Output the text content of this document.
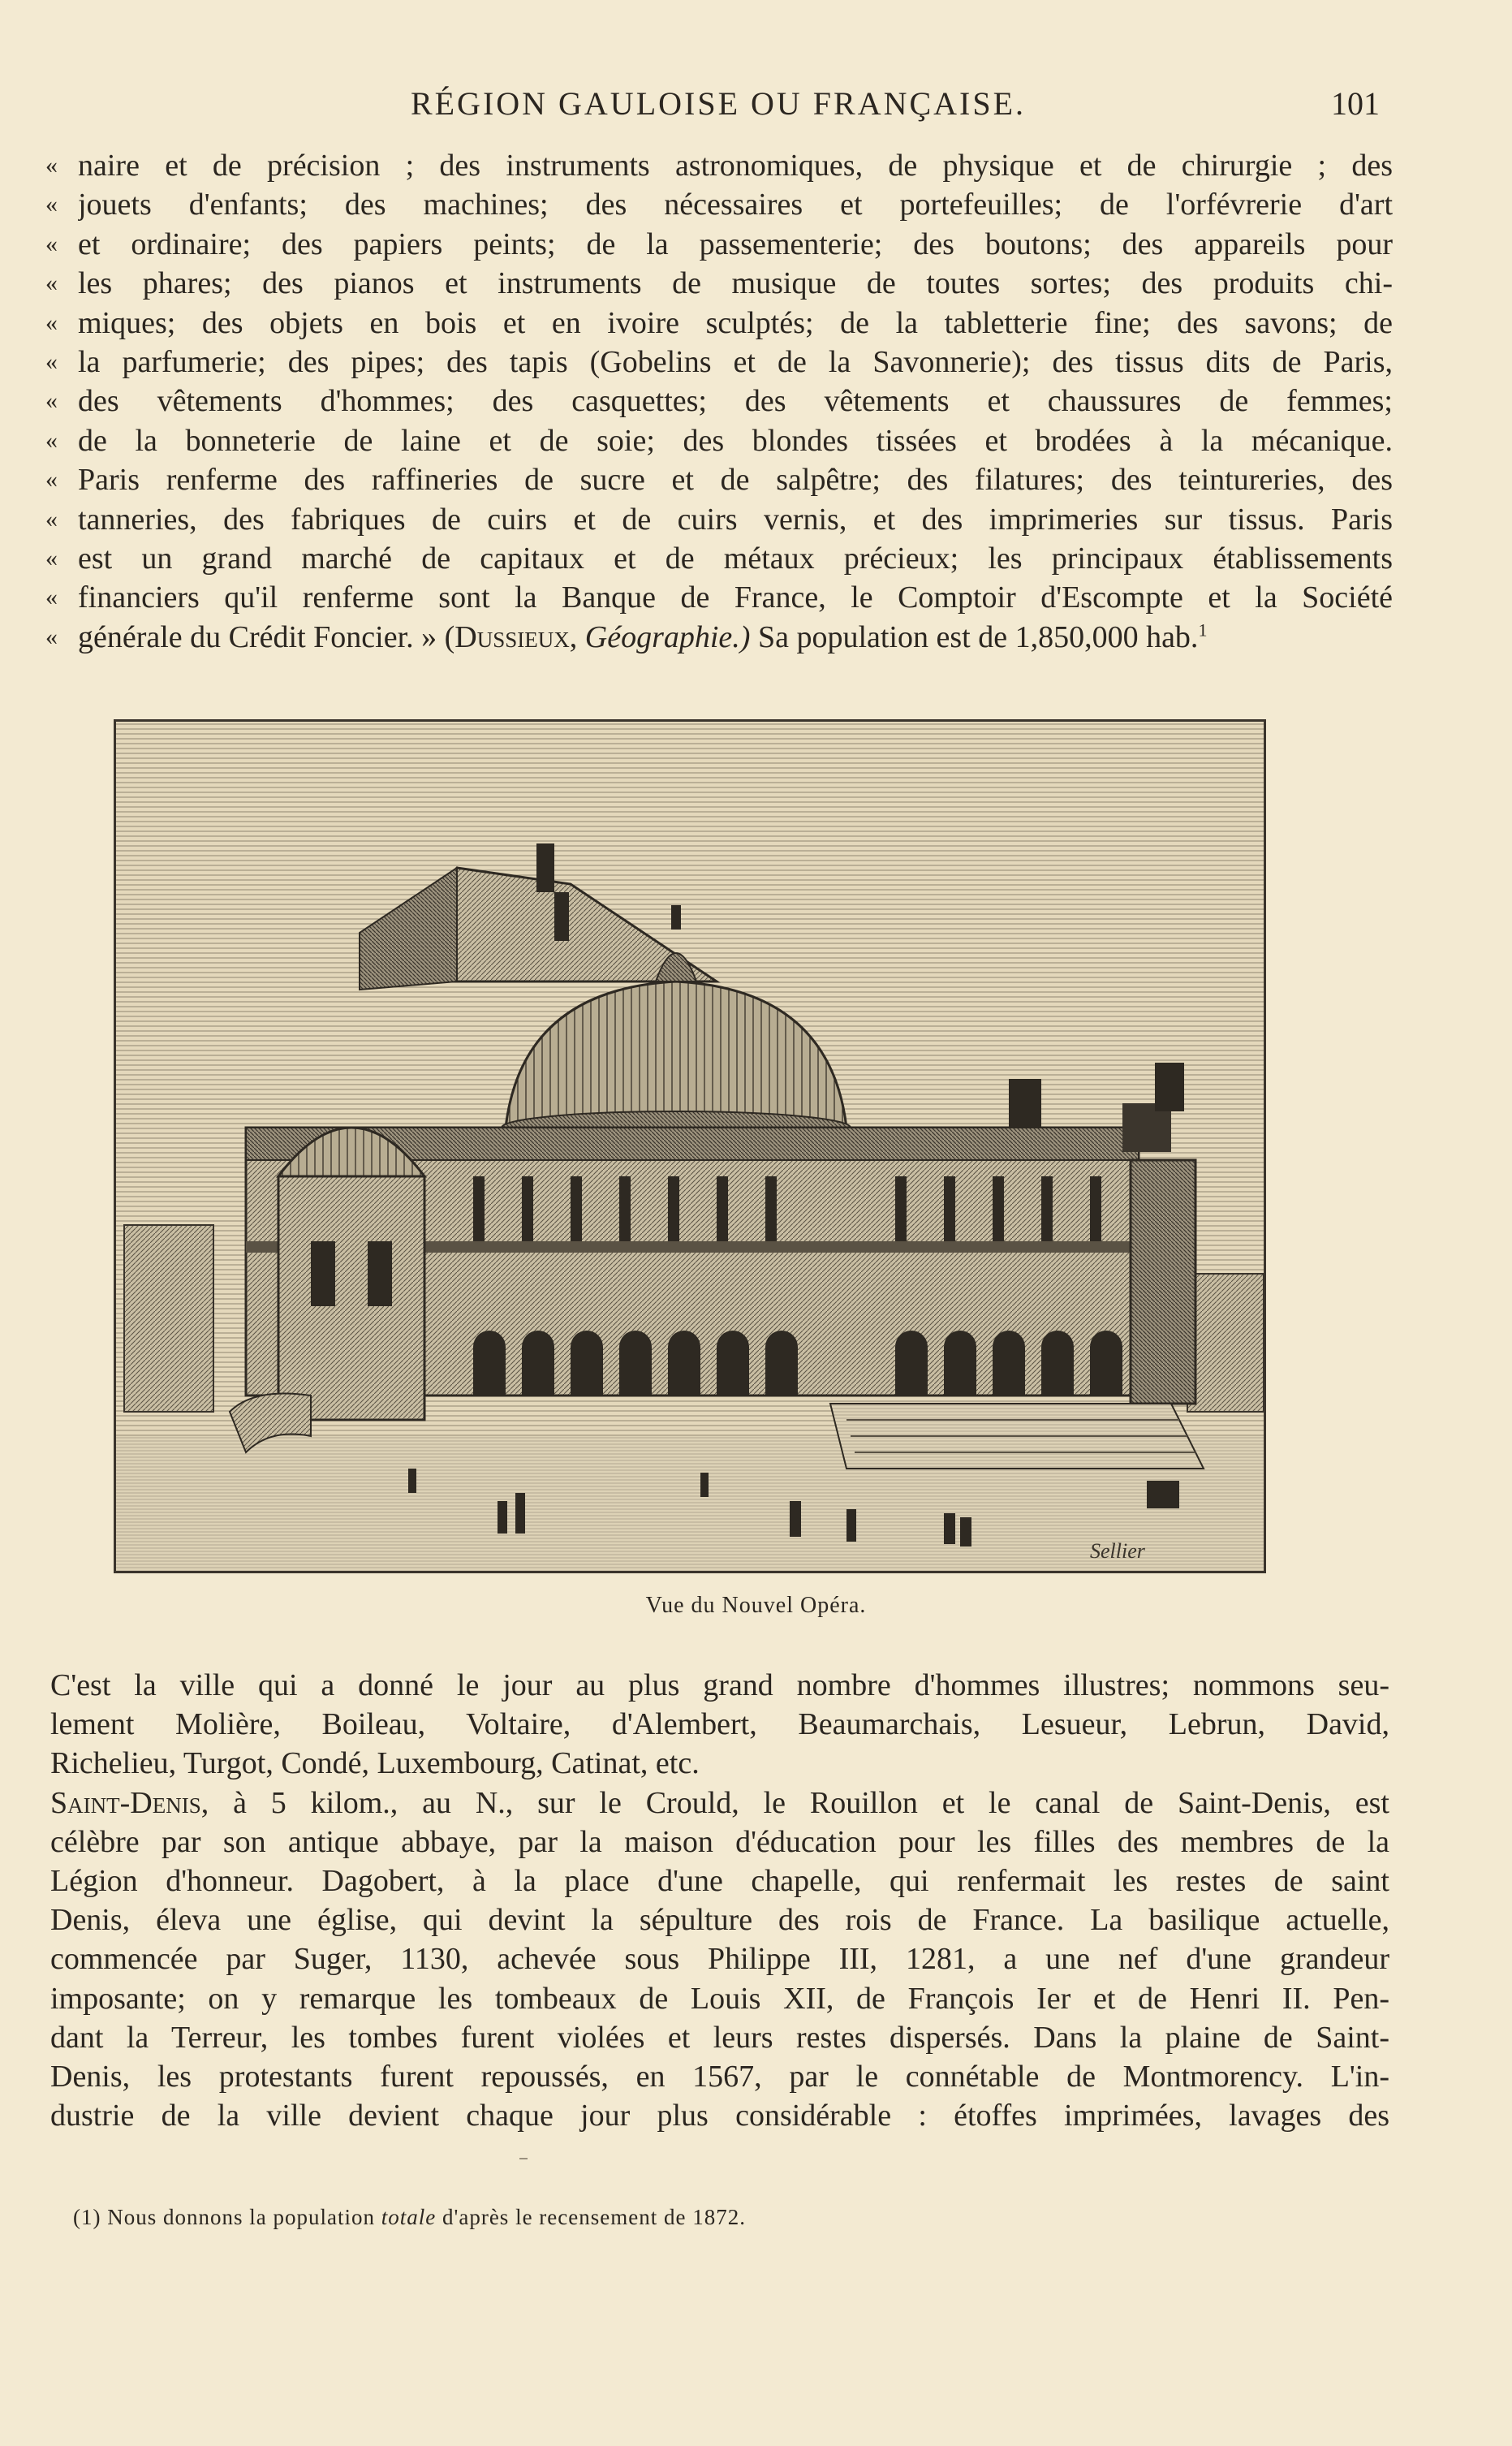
RÉGION GAULOISE OU FRANÇAISE.	101
« naire et de précision ; des instruments astronomiques, de physique et de chirurgie ; des
« jouets d'enfants; des machines; des nécessaires et portefeuilles; de l'orfévrerie d'art
« et ordinaire; des papiers peints; de la passementerie; des boutons; des appareils pour
« les phares; des pianos et instruments de musique de toutes sortes; des produits chi-
« miques; des objets en bois et en ivoire sculptés; de la tabletterie fine; des savons; de
« la parfumerie; des pipes; des tapis (Gobelins et de la Savonnerie); des tissus dits de Paris,
« des vêtements d'hommes; des casquettes; des vêtements et chaussures de femmes;
« de la bonneterie de laine et de soie; des blondes tissées et brodées à la mécanique.
« Paris renferme des raffineries de sucre et de salpêtre; des filatures; des teintureries, des
« tanneries, des fabriques de cuirs et de cuirs vernis, et des imprimeries sur tissus. Paris
« est un grand marché de capitaux et de métaux précieux; les principaux établissements
« financiers qu'il renferme sont la Banque de France, le Comptoir d'Escompte et la Société
« générale du Crédit Foncier. » (Dussieux, Géographie.) Sa population est de 1,850,000 hab.$^1$
Sellier
Vue du Nouvel Opéra.
C'est la ville qui a donné le jour au plus grand nombre d'hommes illustres; nommons seu-
lement Molière, Boileau, Voltaire, d'Alembert, Beaumarchais, Lesueur, Lebrun, David,
Richelieu, Turgot, Condé, Luxembourg, Catinat, etc.
Saint-Denis, à 5 kilom., au N., sur le Crould, le Rouillon et le canal de Saint-Denis, est
célèbre par son antique abbaye, par la maison d'éducation pour les filles des membres de la
Légion d'honneur. Dagobert, à la place d'une chapelle, qui renfermait les restes de saint
Denis, éleva une église, qui devint la sépulture des rois de France. La basilique actuelle,
commencée par Suger, 1130, achevée sous Philippe III, 1281, a une nef d'une grandeur
imposante; on y remarque les tombeaux de Louis XII, de François Ier et de Henri II. Pen-
dant la Terreur, les tombes furent violées et leurs restes dispersés. Dans la plaine de Saint-
Denis, les protestants furent repoussés, en 1567, par le connétable de Montmorency. L'in-
dustrie de la ville devient chaque jour plus considérable : étoffes imprimées, lavages des
(1) Nous donnons la population totale d'après le recensement de 1872.
